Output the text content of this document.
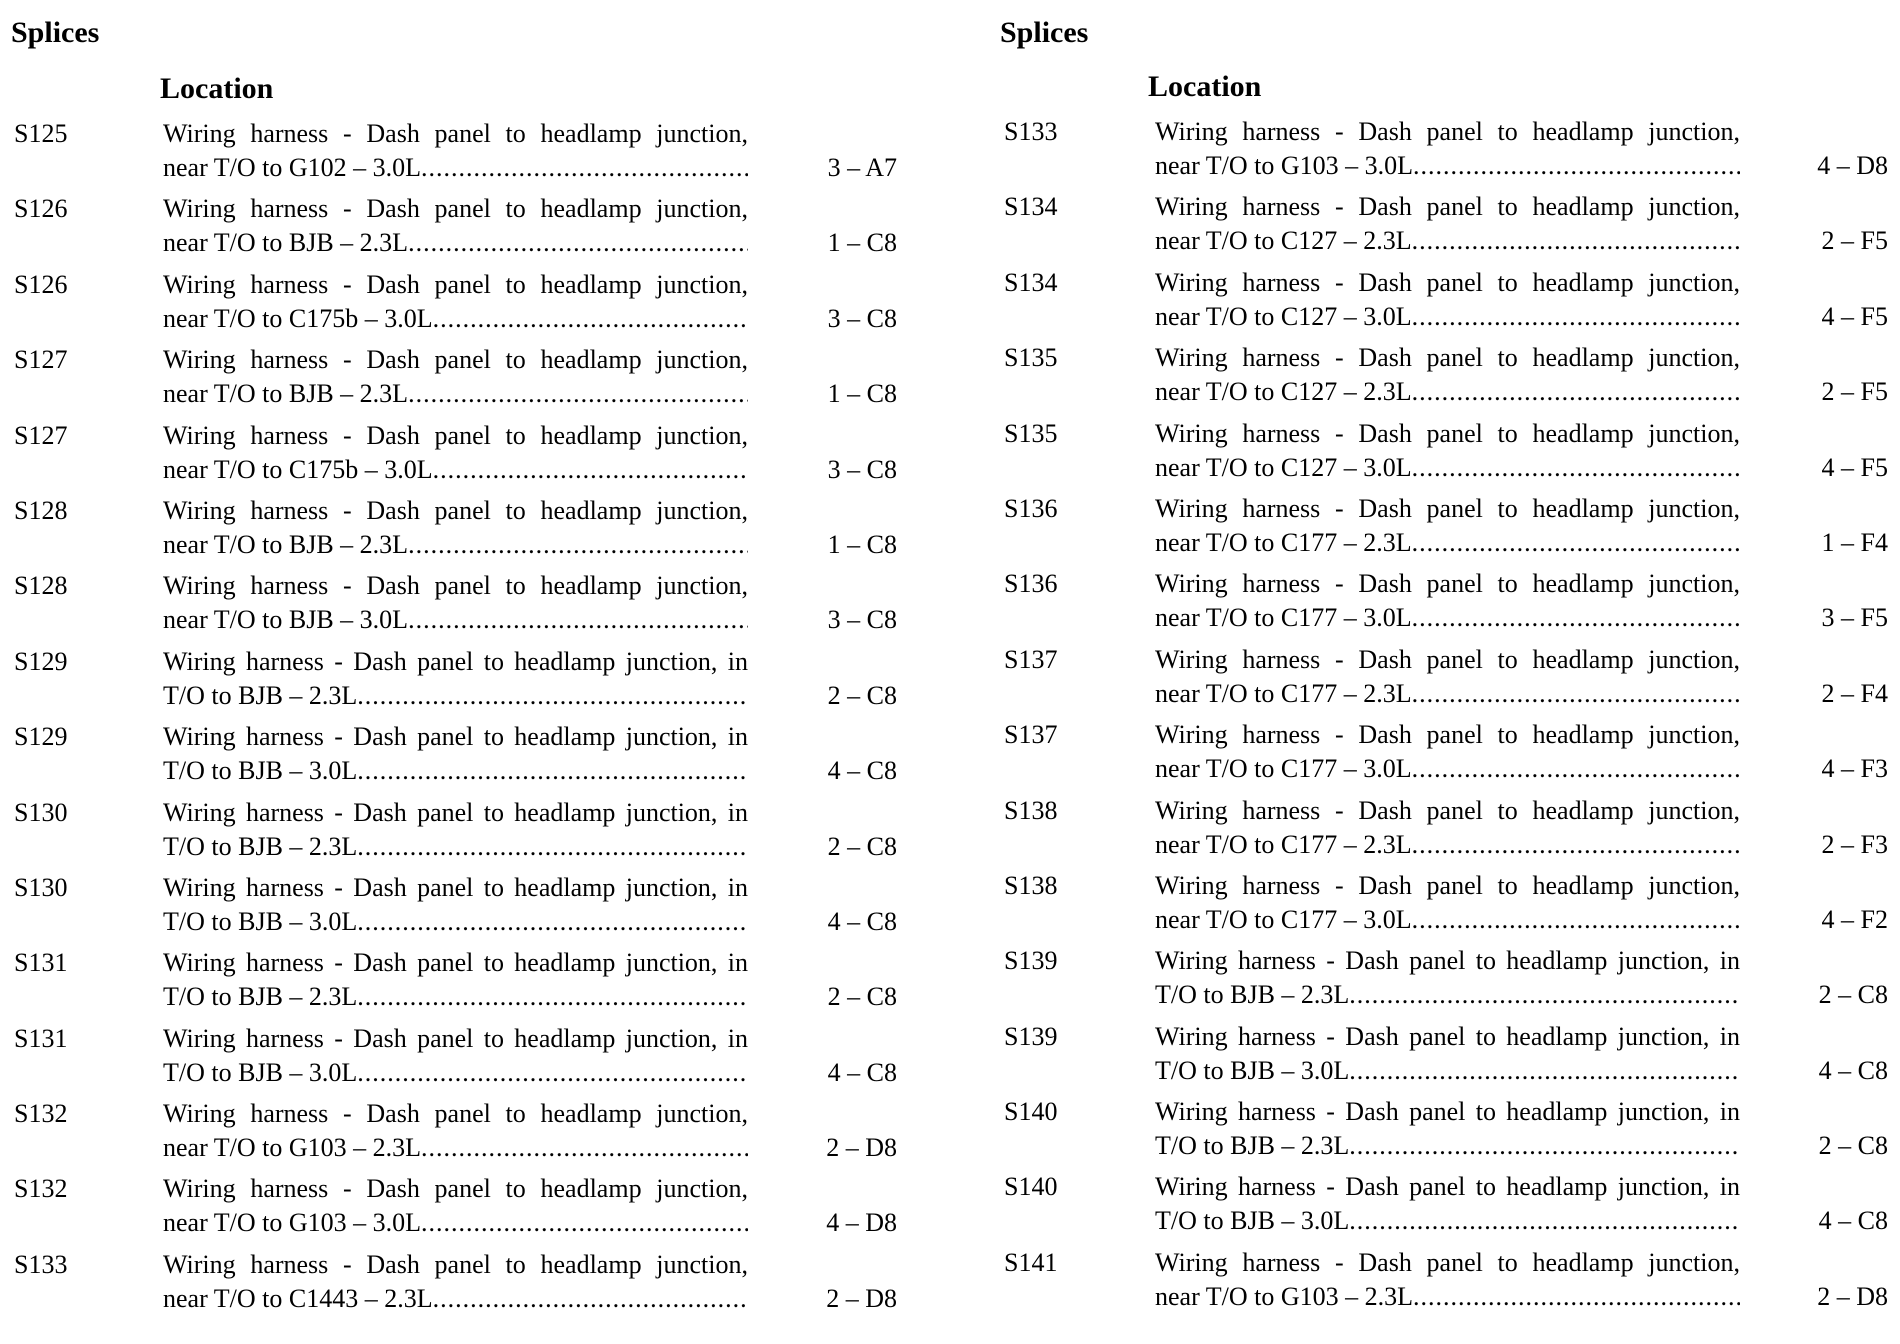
Splices
Location
S125	Wiring harness - Dash panel to headlamp junction,
near T/O to G102 – 3.0L .....	3 – A7
S126	Wiring harness - Dash panel to headlamp junction,
near T/O to BJB – 2.3L .....	1 – C8
S126	Wiring harness - Dash panel to headlamp junction,
near T/O to C175b – 3.0L .....	3 – C8
S127	Wiring harness - Dash panel to headlamp junction,
near T/O to BJB – 2.3L .....	1 – C8
S127	Wiring harness - Dash panel to headlamp junction,
near T/O to C175b – 3.0L .....	3 – C8
S128	Wiring harness - Dash panel to headlamp junction,
near T/O to BJB – 2.3L .....	1 – C8
S128	Wiring harness - Dash panel to headlamp junction,
near T/O to BJB – 3.0L .....	3 – C8
S129	Wiring harness - Dash panel to headlamp junction, in
T/O to BJB – 2.3L .....	2 – C8
S129	Wiring harness - Dash panel to headlamp junction, in
T/O to BJB – 3.0L .....	4 – C8
S130	Wiring harness - Dash panel to headlamp junction, in
T/O to BJB – 2.3L .....	2 – C8
S130	Wiring harness - Dash panel to headlamp junction, in
T/O to BJB – 3.0L .....	4 – C8
S131	Wiring harness - Dash panel to headlamp junction, in
T/O to BJB – 2.3L .....	2 – C8
S131	Wiring harness - Dash panel to headlamp junction, in
T/O to BJB – 3.0L .....	4 – C8
S132	Wiring harness - Dash panel to headlamp junction,
near T/O to G103 – 2.3L .....	2 – D8
S132	Wiring harness - Dash panel to headlamp junction,
near T/O to G103 – 3.0L .....	4 – D8
S133	Wiring harness - Dash panel to headlamp junction,
near T/O to C1443 – 2.3L .....	2 – D8
Splices
Location
S133	Wiring harness - Dash panel to headlamp junction,
near T/O to G103 – 3.0L .....	4 – D8
S134	Wiring harness - Dash panel to headlamp junction,
near T/O to C127 – 2.3L .....	2 – F5
S134	Wiring harness - Dash panel to headlamp junction,
near T/O to C127 – 3.0L .....	4 – F5
S135	Wiring harness - Dash panel to headlamp junction,
near T/O to C127 – 2.3L .....	2 – F5
S135	Wiring harness - Dash panel to headlamp junction,
near T/O to C127 – 3.0L .....	4 – F5
S136	Wiring harness - Dash panel to headlamp junction,
near T/O to C177 – 2.3L .....	1 – F4
S136	Wiring harness - Dash panel to headlamp junction,
near T/O to C177 – 3.0L .....	3 – F5
S137	Wiring harness - Dash panel to headlamp junction,
near T/O to C177 – 2.3L .....	2 – F4
S137	Wiring harness - Dash panel to headlamp junction,
near T/O to C177 – 3.0L .....	4 – F3
S138	Wiring harness - Dash panel to headlamp junction,
near T/O to C177 – 2.3L .....	2 – F3
S138	Wiring harness - Dash panel to headlamp junction,
near T/O to C177 – 3.0L .....	4 – F2
S139	Wiring harness - Dash panel to headlamp junction, in
T/O to BJB – 2.3L .....	2 – C8
S139	Wiring harness - Dash panel to headlamp junction, in
T/O to BJB – 3.0L .....	4 – C8
S140	Wiring harness - Dash panel to headlamp junction, in
T/O to BJB – 2.3L .....	2 – C8
S140	Wiring harness - Dash panel to headlamp junction, in
T/O to BJB – 3.0L .....	4 – C8
S141	Wiring harness - Dash panel to headlamp junction,
near T/O to G103 – 2.3L .....	2 – D8
